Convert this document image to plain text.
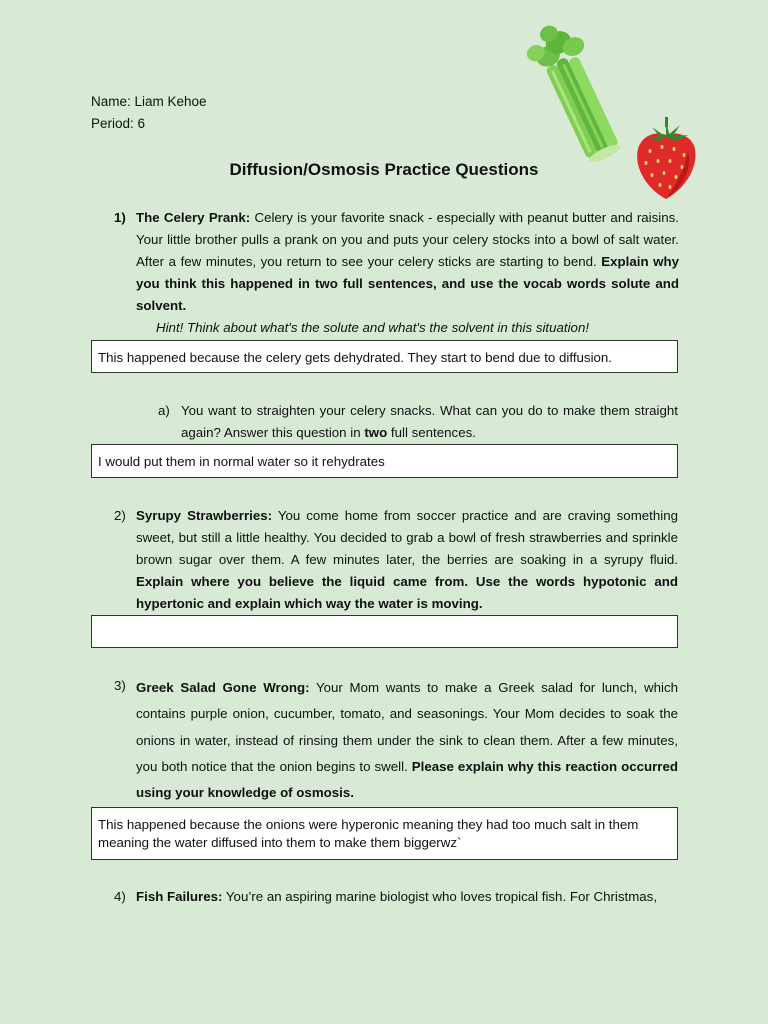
Name: Liam Kehoe
Period: 6
Diffusion/Osmosis Practice Questions
1) The Celery Prank: Celery is your favorite snack - especially with peanut butter and raisins. Your little brother pulls a prank on you and puts your celery stocks into a bowl of salt water. After a few minutes, you return to see your celery sticks are starting to bend. Explain why you think this happened in two full sentences, and use the vocab words solute and solvent.
Hint! Think about what's the solute and what's the solvent in this situation!
This happened because the celery gets dehydrated. They start to bend due to diffusion.
a) You want to straighten your celery snacks. What can you do to make them straight again? Answer this question in two full sentences.
I would put them in normal water so it rehydrates
2) Syrupy Strawberries: You come home from soccer practice and are craving something sweet, but still a little healthy. You decided to grab a bowl of fresh strawberries and sprinkle brown sugar over them. A few minutes later, the berries are soaking in a syrupy fluid. Explain where you believe the liquid came from. Use the words hypotonic and hypertonic and explain which way the water is moving.
3) Greek Salad Gone Wrong: Your Mom wants to make a Greek salad for lunch, which contains purple onion, cucumber, tomato, and seasonings. Your Mom decides to soak the onions in water, instead of rinsing them under the sink to clean them. After a few minutes, you both notice that the onion begins to swell. Please explain why this reaction occurred using your knowledge of osmosis.
This happened because the onions were hyperonic meaning they had too much salt in them meaning the water diffused into them to make them biggerwz`
4) Fish Failures: You’re an aspiring marine biologist who loves tropical fish. For Christmas,
